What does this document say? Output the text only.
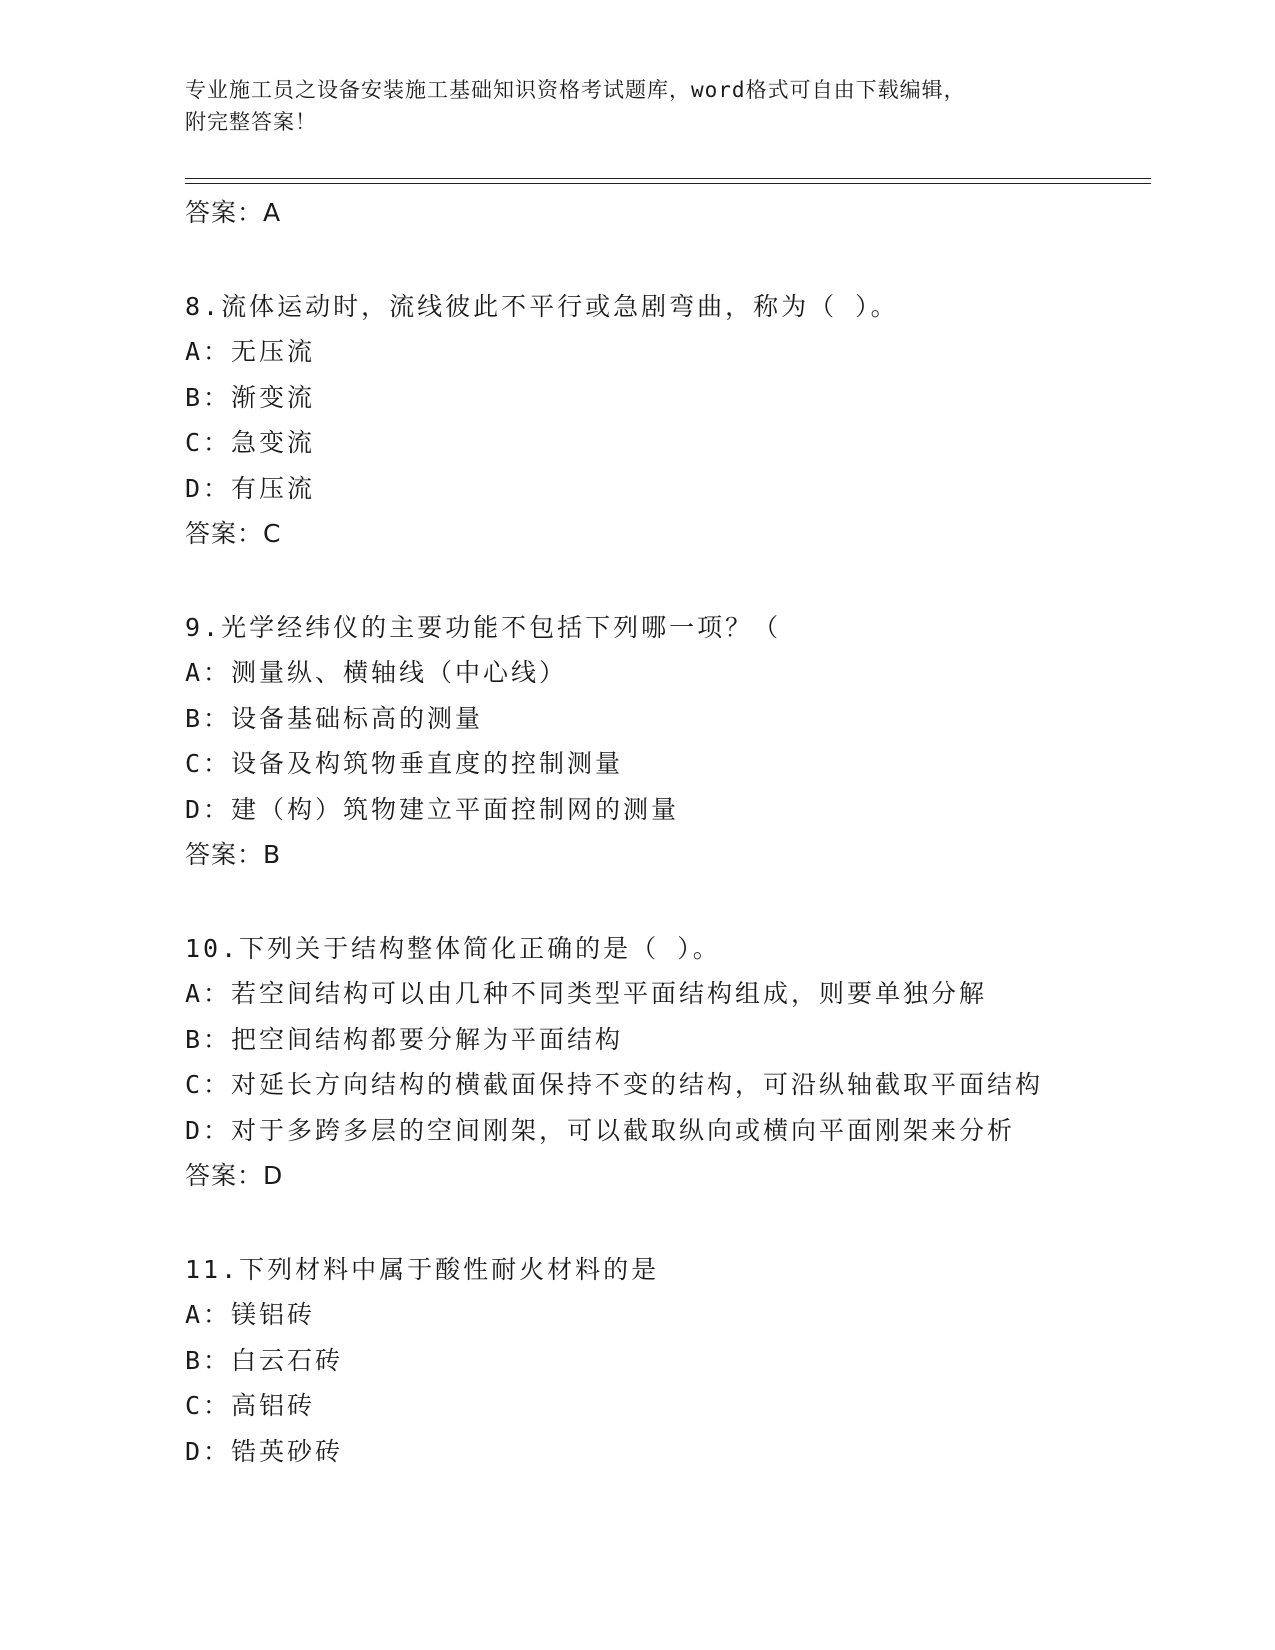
专业施工员之设备安装施工基础知识资格考试题库，word格式可自由下载编辑，
附完整答案！
答案：A
8.流体运动时，流线彼此不平行或急剧弯曲，称为（ ）。
A：无压流
B：渐变流
C：急变流
D：有压流
答案：C
9.光学经纬仪的主要功能不包括下列哪一项？（
A：测量纵、横轴线（中心线）
B：设备基础标高的测量
C：设备及构筑物垂直度的控制测量
D：建（构）筑物建立平面控制网的测量
答案：B
10.下列关于结构整体简化正确的是（ ）。
A：若空间结构可以由几种不同类型平面结构组成，则要单独分解
B：把空间结构都要分解为平面结构
C：对延长方向结构的横截面保持不变的结构，可沿纵轴截取平面结构
D：对于多跨多层的空间刚架，可以截取纵向或横向平面刚架来分析
答案：D
11.下列材料中属于酸性耐火材料的是
A：镁铝砖
B：白云石砖
C：高铝砖
D：锆英砂砖
